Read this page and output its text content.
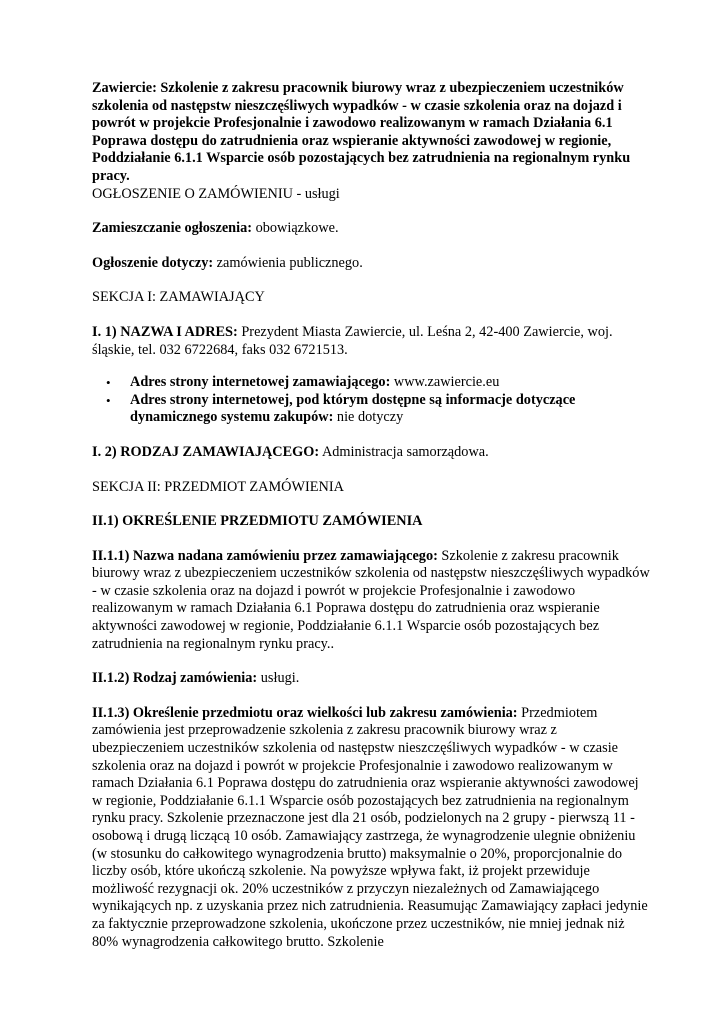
Zawiercie: Szkolenie z zakresu pracownik biurowy wraz z ubezpieczeniem uczestników szkolenia od następstw nieszczęśliwych wypadków - w czasie szkolenia oraz na dojazd i powrót w projekcie Profesjonalnie i zawodowo realizowanym w ramach Działania 6.1 Poprawa dostępu do zatrudnienia oraz wspieranie aktywności zawodowej w regionie, Poddziałanie 6.1.1 Wsparcie osób pozostających bez zatrudnienia na regionalnym rynku pracy.

OGŁOSZENIE O ZAMÓWIENIU - usługi

Zamieszczanie ogłoszenia: obowiązkowe.

Ogłoszenie dotyczy: zamówienia publicznego.

SEKCJA I: ZAMAWIAJĄCY

I. 1) NAZWA I ADRES: Prezydent Miasta Zawiercie, ul. Leśna 2, 42-400 Zawiercie, woj. śląskie, tel. 032 6722684, faks 032 6721513.

• Adres strony internetowej zamawiającego: www.zawiercie.eu
• Adres strony internetowej, pod którym dostępne są informacje dotyczące dynamicznego systemu zakupów: nie dotyczy

I. 2) RODZAJ ZAMAWIAJĄCEGO: Administracja samorządowa.

SEKCJA II: PRZEDMIOT ZAMÓWIENIA

II.1) OKREŚLENIE PRZEDMIOTU ZAMÓWIENIA

II.1.1) Nazwa nadana zamówieniu przez zamawiającego: Szkolenie z zakresu pracownik biurowy wraz z ubezpieczeniem uczestników szkolenia od następstw nieszczęśliwych wypadków - w czasie szkolenia oraz na dojazd i powrót w projekcie Profesjonalnie i zawodowo realizowanym w ramach Działania 6.1 Poprawa dostępu do zatrudnienia oraz wspieranie aktywności zawodowej w regionie, Poddziałanie 6.1.1 Wsparcie osób pozostających bez zatrudnienia na regionalnym rynku pracy..

II.1.2) Rodzaj zamówienia: usługi.

II.1.3) Określenie przedmiotu oraz wielkości lub zakresu zamówienia: Przedmiotem zamówienia jest przeprowadzenie szkolenia z zakresu pracownik biurowy wraz z ubezpieczeniem uczestników szkolenia od następstw nieszczęśliwych wypadków - w czasie szkolenia oraz na dojazd i powrót w projekcie Profesjonalnie i zawodowo realizowanym w ramach Działania 6.1 Poprawa dostępu do zatrudnienia oraz wspieranie aktywności zawodowej w regionie, Poddziałanie 6.1.1 Wsparcie osób pozostających bez zatrudnienia na regionalnym rynku pracy. Szkolenie przeznaczone jest dla 21 osób, podzielonych na 2 grupy - pierwszą 11 - osobową i drugą liczącą 10 osób. Zamawiający zastrzega, że wynagrodzenie ulegnie obniżeniu (w stosunku do całkowitego wynagrodzenia brutto) maksymalnie o 20%, proporcjonalnie do liczby osób, które ukończą szkolenie. Na powyższe wpływa fakt, iż projekt przewiduje możliwość rezygnacji ok. 20% uczestników z przyczyn niezależnych od Zamawiającego wynikających np. z uzyskania przez nich zatrudnienia. Reasumując Zamawiający zapłaci jedynie za faktycznie przeprowadzone szkolenia, ukończone przez uczestników, nie mniej jednak niż 80% wynagrodzenia całkowitego brutto. Szkolenie
